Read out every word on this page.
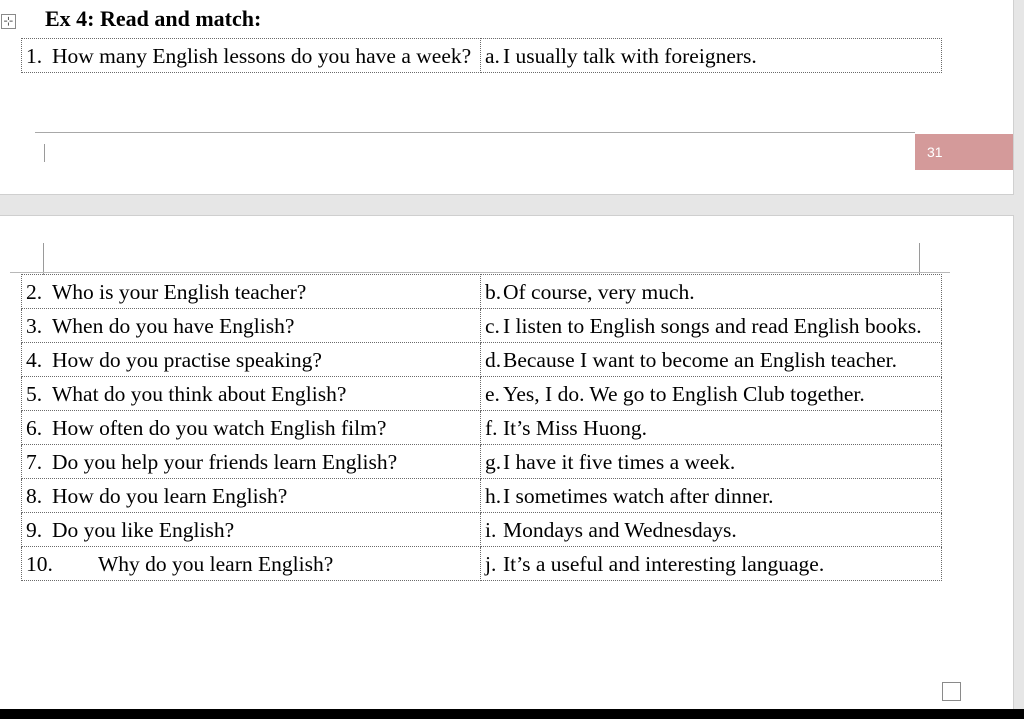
⊹ Ex 4: Read and match:
1. How many English lessons do you have a week?	a. I usually talk with foreigners.
31
2. Who is your English teacher?	b. Of course, very much.

3. When do you have English?	c. I listen to English songs and read English books.

4. How do you practise speaking?	d. Because I want to become an English teacher.

5. What do you think about English?	e. Yes, I do. We go to English Club together.

6. How often do you watch English film?	f. It’s Miss Huong.

7. Do you help your friends learn English?	g. I have it five times a week.

8. How do you learn English?	h. I sometimes watch after dinner.

9. Do you like English?	i. Mondays and Wednesdays.

10. Why do you learn English?	j. It’s a useful and interesting language.
